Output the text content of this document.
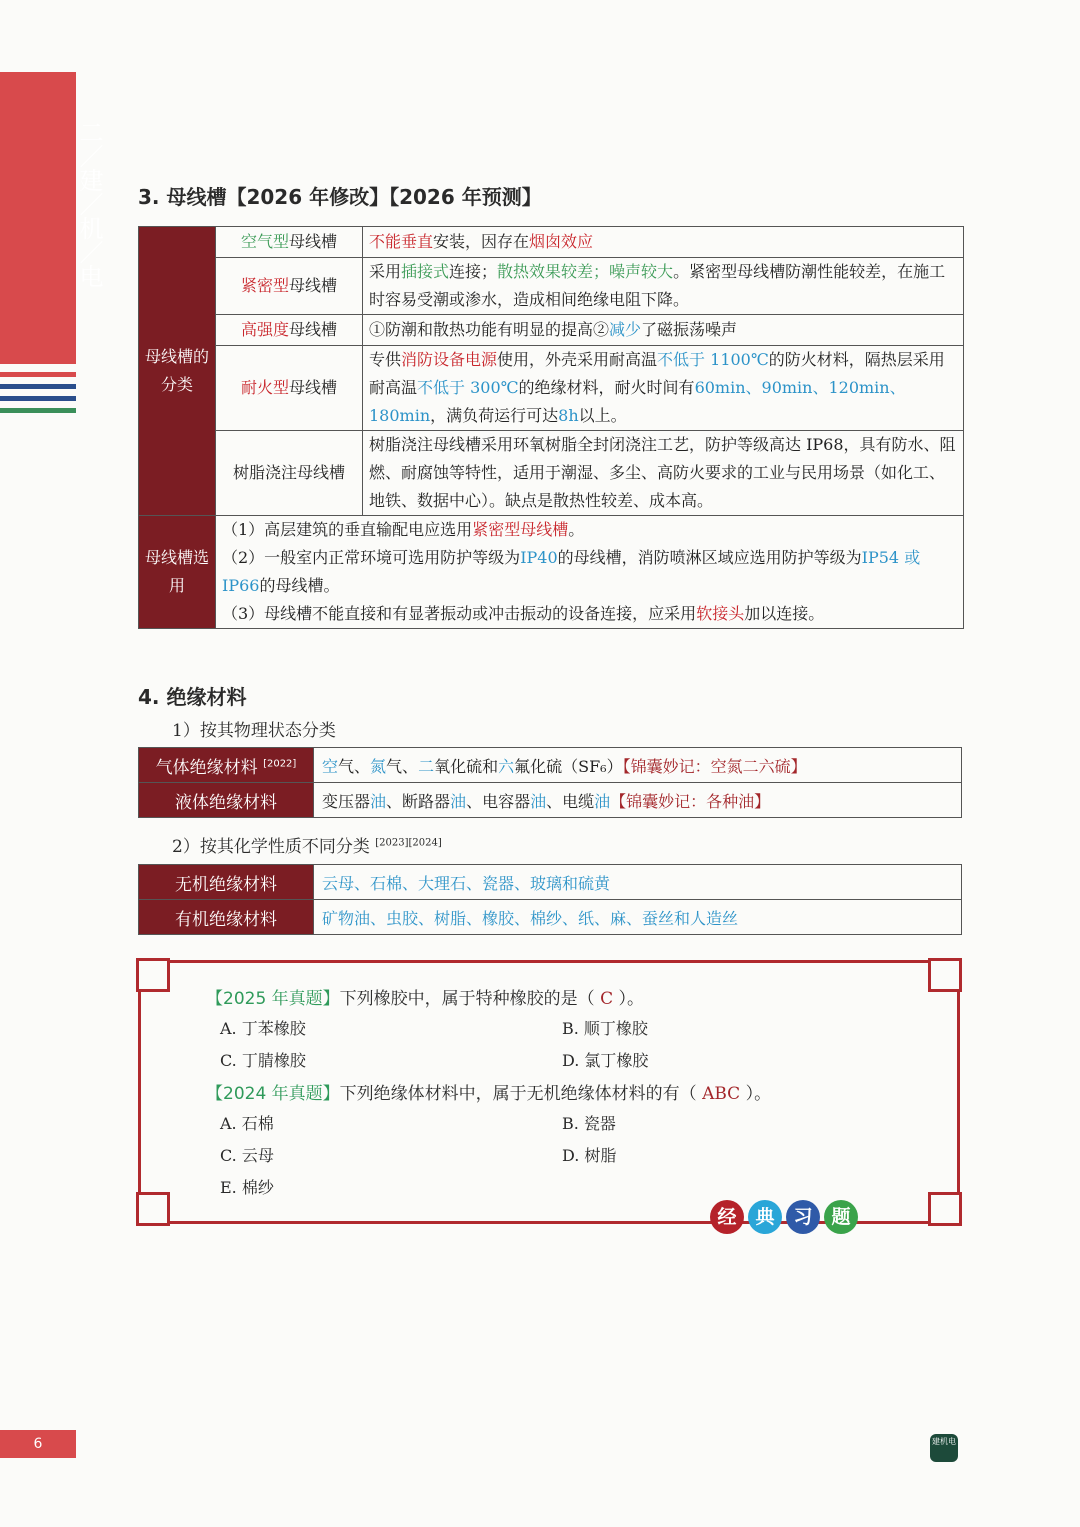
二／建／机／电 3. 母线槽【2026 年修改】【2026 年预测】
母线槽的分类	空气型母线槽	不能垂直安装，因存在烟囱效应
	紧密型母线槽	采用插接式连接；散热效果较差；噪声较大。紧密型母线槽防潮性能较差，在施工时容易受潮或渗水，造成相间绝缘电阻下降。
	高强度母线槽	①防潮和散热功能有明显的提高②减少了磁振荡噪声
	耐火型母线槽	专供消防设备电源使用，外壳采用耐高温不低于 1100℃的防火材料，隔热层采用耐高温不低于 300℃的绝缘材料，耐火时间有60min、90min、120min、180min，满负荷运行可达8h以上。
	树脂浇注母线槽	树脂浇注母线槽采用环氧树脂全封闭浇注工艺，防护等级高达 IP68，具有防水、阻燃、耐腐蚀等特性，适用于潮湿、多尘、高防火要求的工业与民用场景（如化工、地铁、数据中心）。缺点是散热性较差、成本高。
母线槽选用	（1）高层建筑的垂直输配电应选用紧密型母线槽。
（2）一般室内正常环境可选用防护等级为IP40的母线槽，消防喷淋区域应选用防护等级为IP54 或 IP66的母线槽。
（3）母线槽不能直接和有显著振动或冲击振动的设备连接，应采用软接头加以连接。	
4. 绝缘材料
1）按其物理状态分类
气体绝缘材料 [2022]	空气、氮气、二氧化硫和六氟化硫（SF₆）【锦囊妙记：空氮二六硫】
液体绝缘材料	变压器油、断路器油、电容器油、电缆油【锦囊妙记：各种油】
2）按其化学性质不同分类 [2023][2024]
无机绝缘材料	云母、石棉、大理石、瓷器、玻璃和硫黄
有机绝缘材料	矿物油、虫胶、树脂、橡胶、棉纱、纸、麻、蚕丝和人造丝
【2025 年真题】下列橡胶中，属于特种橡胶的是（ C ）。
A. 丁苯橡胶	B. 顺丁橡胶
C. 丁腈橡胶	D. 氯丁橡胶
【2024 年真题】下列绝缘体材料中，属于无机绝缘体材料的有（ ABC ）。
A. 石棉	B. 瓷器
C. 云母	D. 树脂
E. 棉纱
经 典 习 题
6	建机电
